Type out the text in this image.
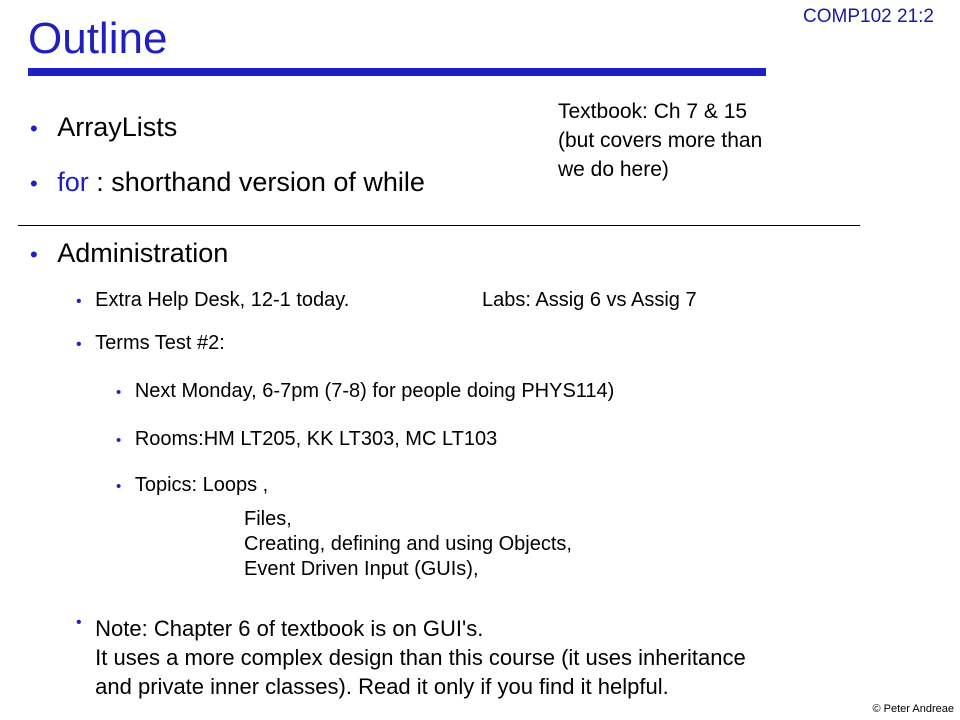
COMP102 21:2
Outline
Textbook: Ch 7 & 15
(but covers more than
we do here)
• ArrayLists
• for : shorthand version of while
• Administration
• Extra Help Desk, 12-1 today.	Labs: Assig 6 vs Assig 7
• Terms Test #2:
• Next Monday, 6-7pm (7-8) for people doing PHYS114)
• Rooms:HM LT205, KK LT303, MC LT103
• Topics: Loops ,
Files,
Creating, defining and using Objects,
Event Driven Input (GUIs),
• Note: Chapter 6 of textbook is on GUI's.
It uses a more complex design than this course (it uses inheritance
and private inner classes). Read it only if you find it helpful.
© Peter Andreae
